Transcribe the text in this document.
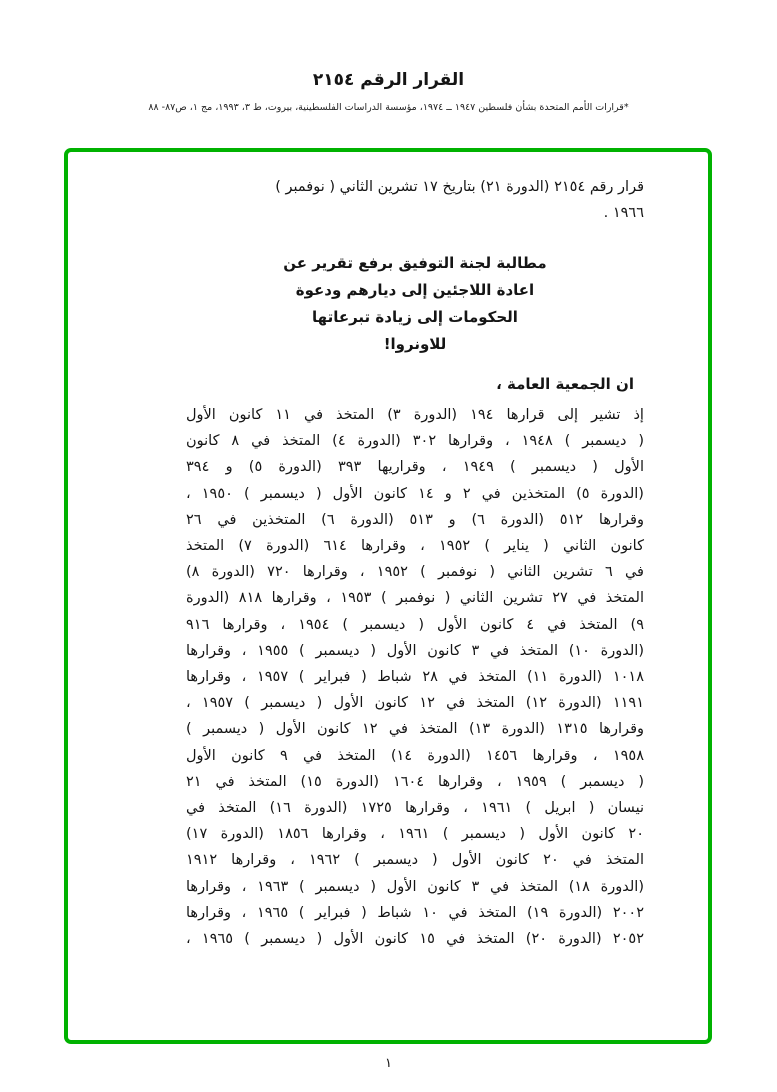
القرار الرقم ٢١٥٤
*قرارات الأمم المتحدة بشأن فلسطين ١٩٤٧ ــ ١٩٧٤، مؤسسة الدراسات الفلسطينية، بيروت، ط ٣، ١٩٩٣، مج ١، ص٨٧- ٨٨
قرار رقم ٢١٥٤ (الدورة ٢١) بتاريخ ١٧ تشرين الثاني ( نوفمبر )
١٩٦٦ .
مطالبة لجنة التوفيق برفع تقرير عن
اعادة اللاجئين إلى ديارهم ودعوة
الحكومات إلى زيادة تبرعاتها
للاونروا!
ان الجمعية العامة ،
إذ تشير إلى قرارها ١٩٤ (الدورة ٣) المتخذ في ١١ كانون الأول
( ديسمبر ) ١٩٤٨ ، وقرارها ٣٠٢ (الدورة ٤) المتخذ في ٨ كانون
الأول ( ديسمبر ) ١٩٤٩ ، وقراريها ٣٩٣ (الدورة ٥) و ٣٩٤
(الدورة ٥) المتخذين في ٢ و ١٤ كانون الأول ( ديسمبر ) ١٩٥٠ ،
وقرارها ٥١٢ (الدورة ٦) و ٥١٣ (الدورة ٦) المتخذين في ٢٦
كانون الثاني ( يناير ) ١٩٥٢ ، وقرارها ٦١٤ (الدورة ٧) المتخذ
في ٦ تشرين الثاني ( نوفمبر ) ١٩٥٢ ، وقرارها ٧٢٠ (الدورة ٨)
المتخذ في ٢٧ تشرين الثاني ( نوفمبر ) ١٩٥٣ ، وقرارها ٨١٨ (الدورة
٩) المتخذ في ٤ كانون الأول ( ديسمبر ) ١٩٥٤ ، وقرارها ٩١٦
(الدورة ١٠) المتخذ في ٣ كانون الأول ( ديسمبر ) ١٩٥٥ ، وقرارها
١٠١٨ (الدورة ١١) المتخذ في ٢٨ شباط ( فبراير ) ١٩٥٧ ، وقرارها
١١٩١ (الدورة ١٢) المتخذ في ١٢ كانون الأول ( ديسمبر ) ١٩٥٧ ،
وقرارها ١٣١٥ (الدورة ١٣) المتخذ في ١٢ كانون الأول ( ديسمبر )
١٩٥٨ ، وقرارها ١٤٥٦ (الدورة ١٤) المتخذ في ٩ كانون الأول
( ديسمبر ) ١٩٥٩ ، وقرارها ١٦٠٤ (الدورة ١٥) المتخذ في ٢١
نيسان ( ابريل ) ١٩٦١ ، وقرارها ١٧٢٥ (الدورة ١٦) المتخذ في
٢٠ كانون الأول ( ديسمبر ) ١٩٦١ ، وقرارها ١٨٥٦ (الدورة ١٧)
المتخذ في ٢٠ كانون الأول ( ديسمبر ) ١٩٦٢ ، وقرارها ١٩١٢
(الدورة ١٨) المتخذ في ٣ كانون الأول ( ديسمبر ) ١٩٦٣ ، وقرارها
٢٠٠٢ (الدورة ١٩) المتخذ في ١٠ شباط ( فبراير ) ١٩٦٥ ، وقرارها
٢٠٥٢ (الدورة ٢٠) المتخذ في ١٥ كانون الأول ( ديسمبر ) ١٩٦٥ ،
١
